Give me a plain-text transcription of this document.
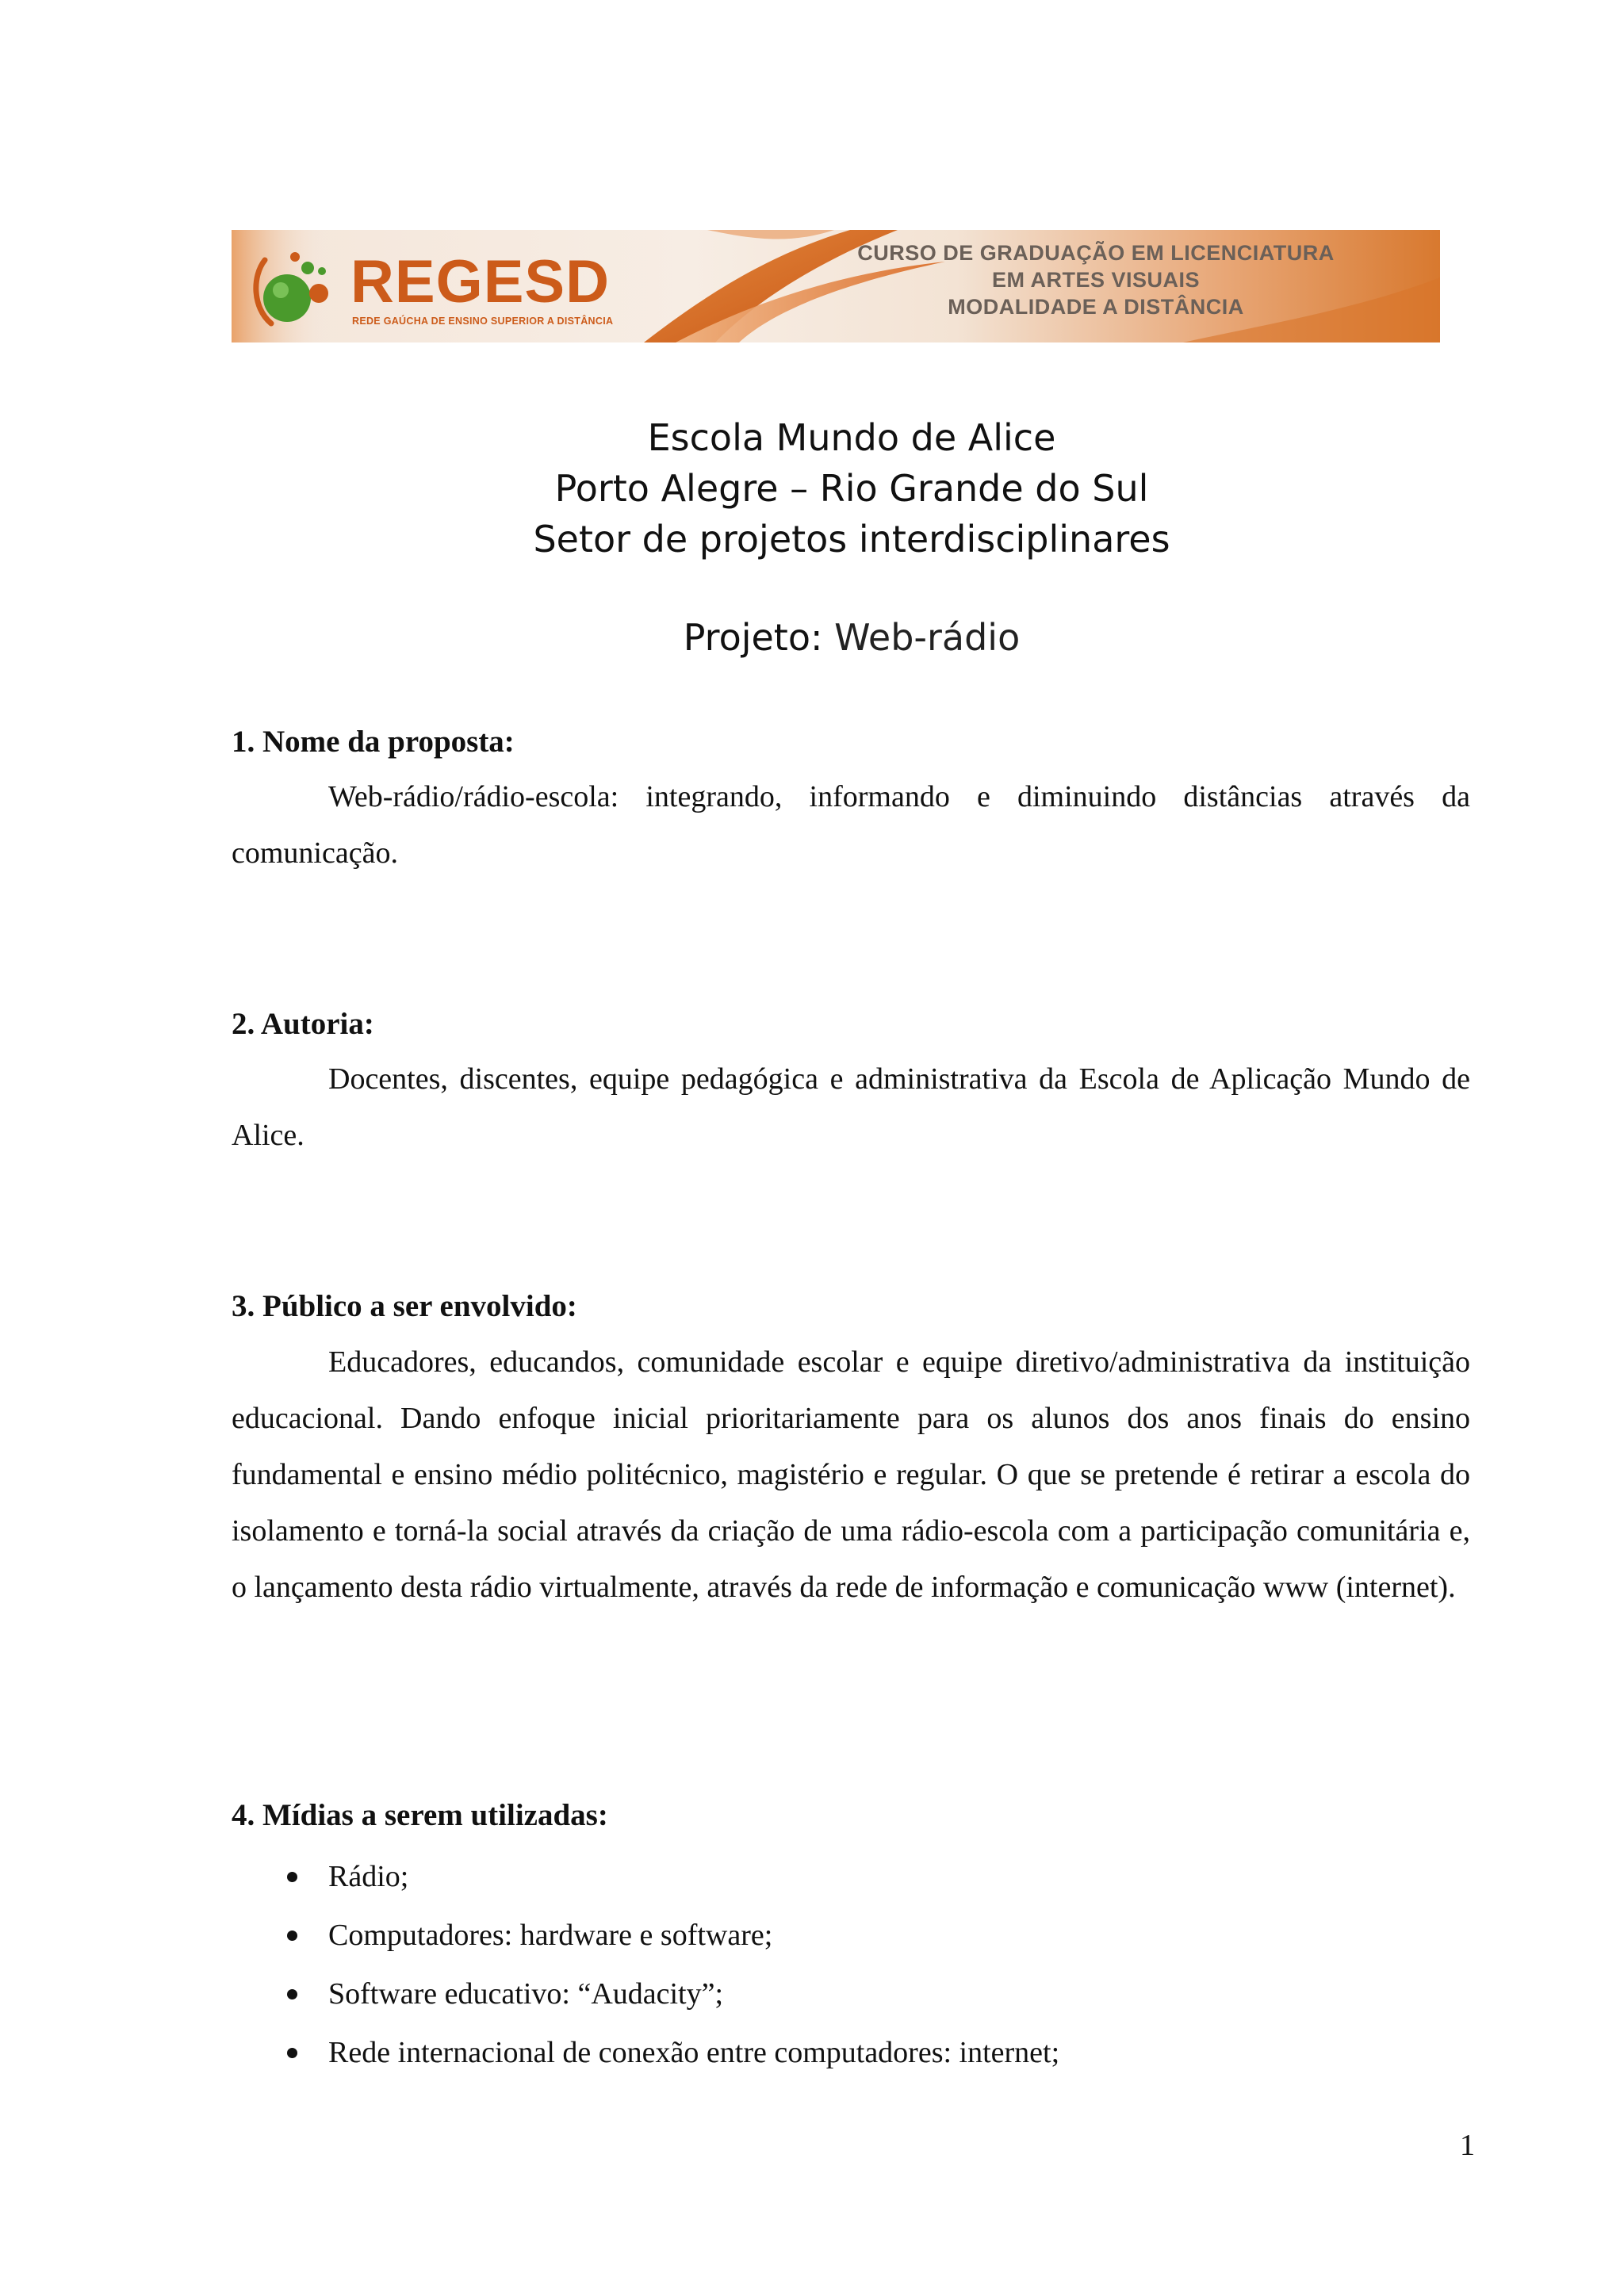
REGESD
REDE GAÚCHA DE ENSINO SUPERIOR A DISTÂNCIA
CURSO DE GRADUAÇÃO EM LICENCIATURA
EM ARTES VISUAIS
MODALIDADE A DISTÂNCIA
Escola Mundo de Alice
Porto Alegre – Rio Grande do Sul
Setor de projetos interdisciplinares
Projeto: Web-rádio
1. Nome da proposta:
Web-rádio/rádio-escola: integrando, informando e diminuindo distâncias através da comunicação.
2. Autoria:
Docentes, discentes, equipe pedagógica e administrativa da Escola de Aplicação Mundo de Alice.
3. Público a ser envolvido:
Educadores, educandos, comunidade escolar e equipe diretivo/administrativa da instituição educacional. Dando enfoque inicial prioritariamente para os alunos dos anos finais do ensino fundamental e ensino médio politécnico, magistério e regular. O que se pretende é retirar a escola do isolamento e torná-la social através da criação de uma rádio-escola com a participação comunitária e, o lançamento desta rádio virtualmente, através da rede de informação e comunicação www (internet).
4. Mídias a serem utilizadas:
Rádio;
Computadores: hardware e software;
Software educativo: “Audacity”;
Rede internacional de conexão entre computadores: internet;
1
